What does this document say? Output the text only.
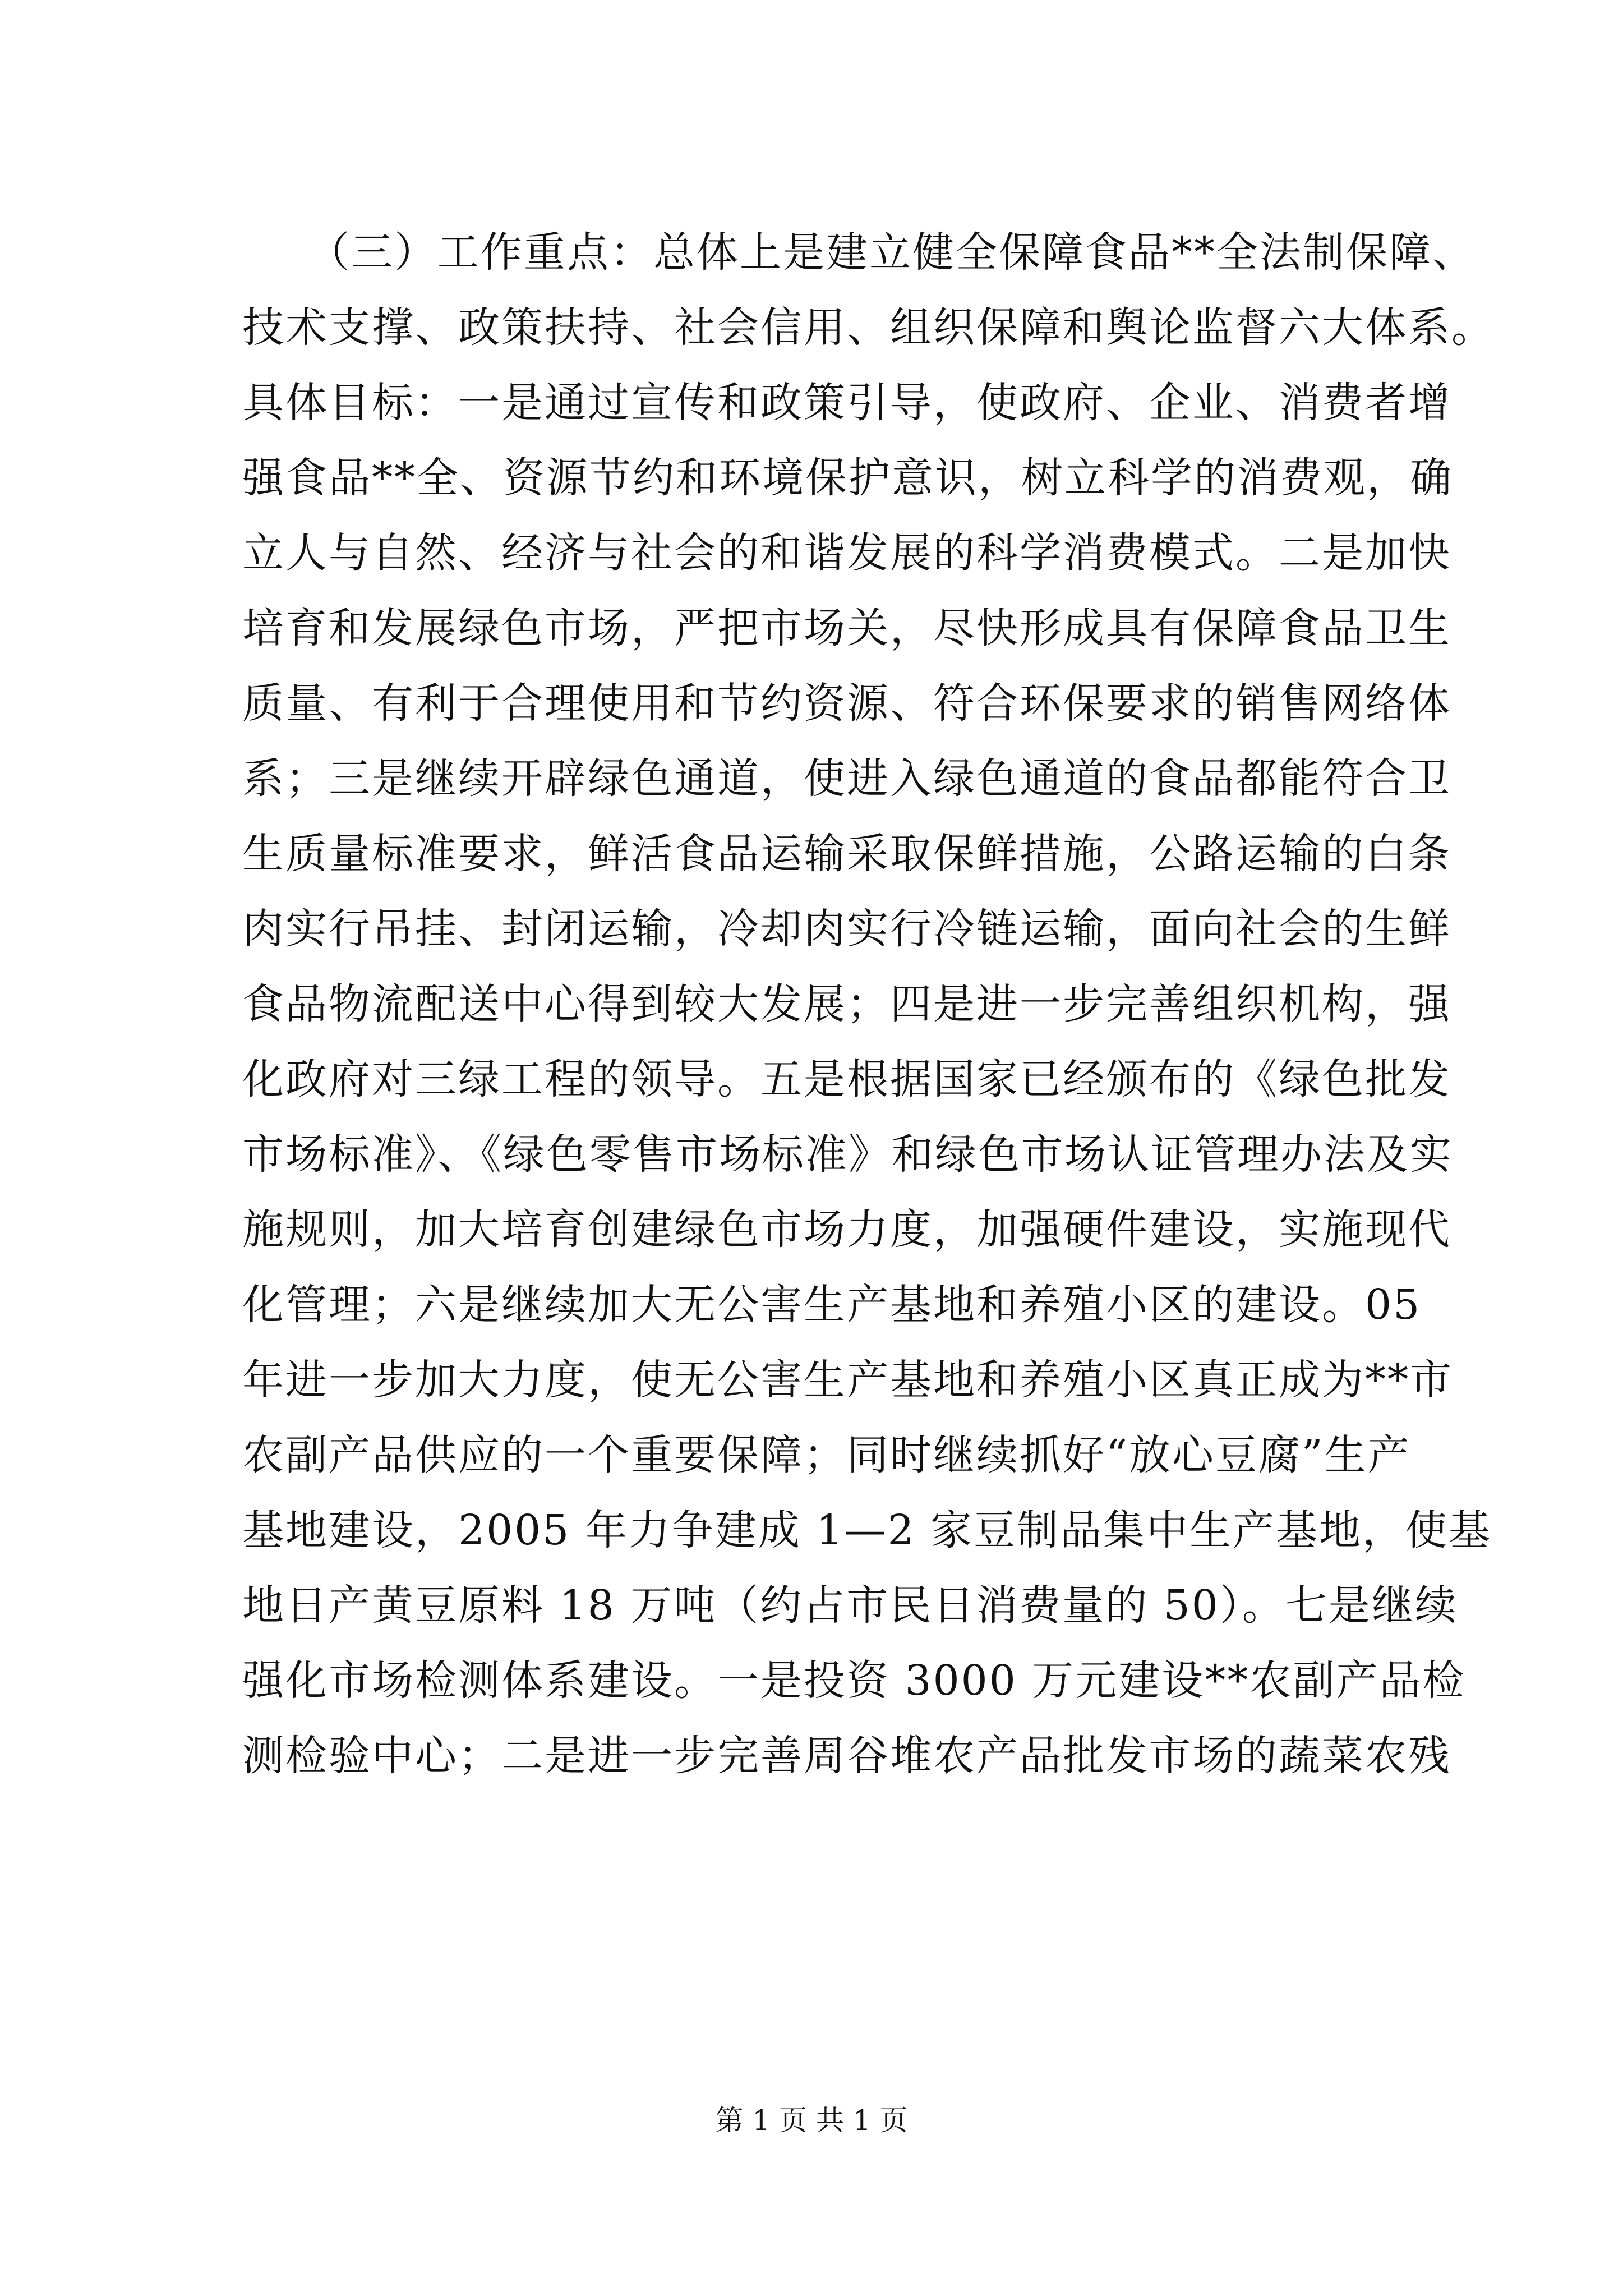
　　（三）工作重点：总体上是建立健全保障食品**全法制保障、
技术支撑、政策扶持、社会信用、组织保障和舆论监督六大体系。
具体目标：一是通过宣传和政策引导，使政府、企业、消费者增
强食品**全、资源节约和环境保护意识，树立科学的消费观，确
立人与自然、经济与社会的和谐发展的科学消费模式。二是加快
培育和发展绿色市场，严把市场关，尽快形成具有保障食品卫生
质量、有利于合理使用和节约资源、符合环保要求的销售网络体
系；三是继续开辟绿色通道，使进入绿色通道的食品都能符合卫
生质量标准要求，鲜活食品运输采取保鲜措施，公路运输的白条
肉实行吊挂、封闭运输，冷却肉实行冷链运输，面向社会的生鲜
食品物流配送中心得到较大发展；四是进一步完善组织机构，强
化政府对三绿工程的领导。五是根据国家已经颁布的《绿色批发
市场标准》、《绿色零售市场标准》和绿色市场认证管理办法及实
施规则，加大培育创建绿色市场力度，加强硬件建设，实施现代
化管理；六是继续加大无公害生产基地和养殖小区的建设。05
年进一步加大力度，使无公害生产基地和养殖小区真正成为**市
农副产品供应的一个重要保障；同时继续抓好“放心豆腐”生产
基地建设，2005 年力争建成 1—2 家豆制品集中生产基地，使基
地日产黄豆原料 18 万吨（约占市民日消费量的 50）。七是继续
强化市场检测体系建设。一是投资 3000 万元建设**农副产品检
测检验中心；二是进一步完善周谷堆农产品批发市场的蔬菜农残
第 1 页 共 1 页
